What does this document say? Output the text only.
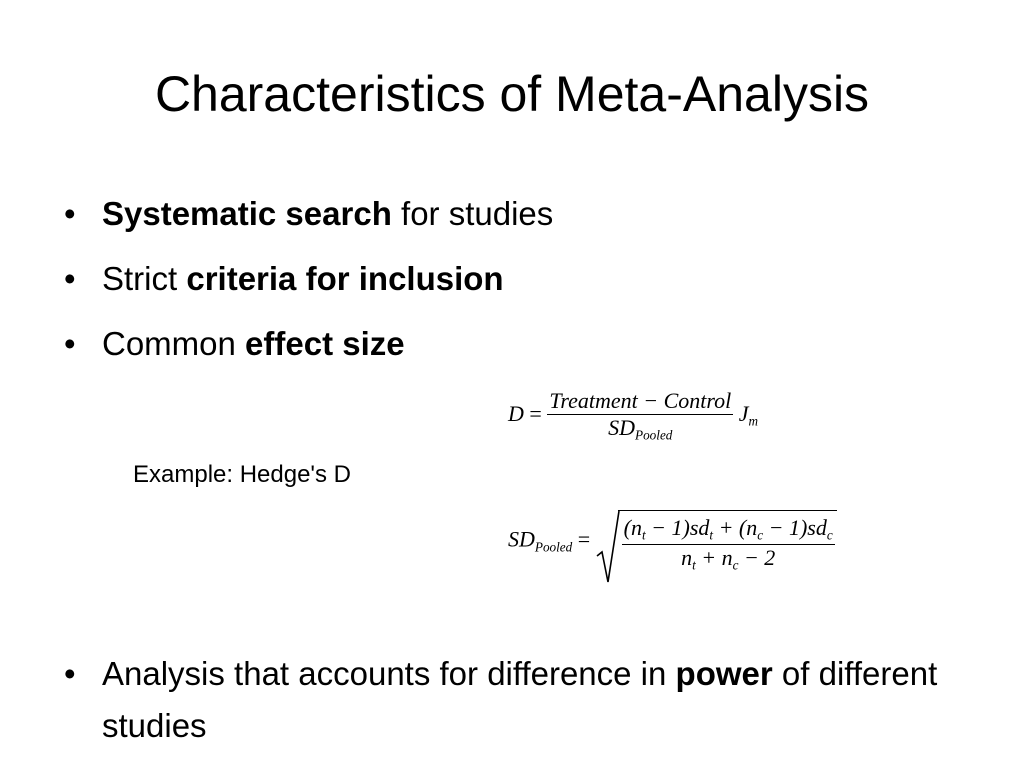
Characteristics of Meta-Analysis
• Systematic search for studies
• Strict criteria for inclusion
• Common effect size
$D = \frac{\text{Treatment − Control}}{SD_{Pooled}} J_m$
Example: Hedge's D
$SD_{Pooled} = \frac{(n_t - 1)sd_t + (n_c - 1)sd_c}{n_t + n_c - 2}$
• Analysis that accounts for difference in power of different studies
